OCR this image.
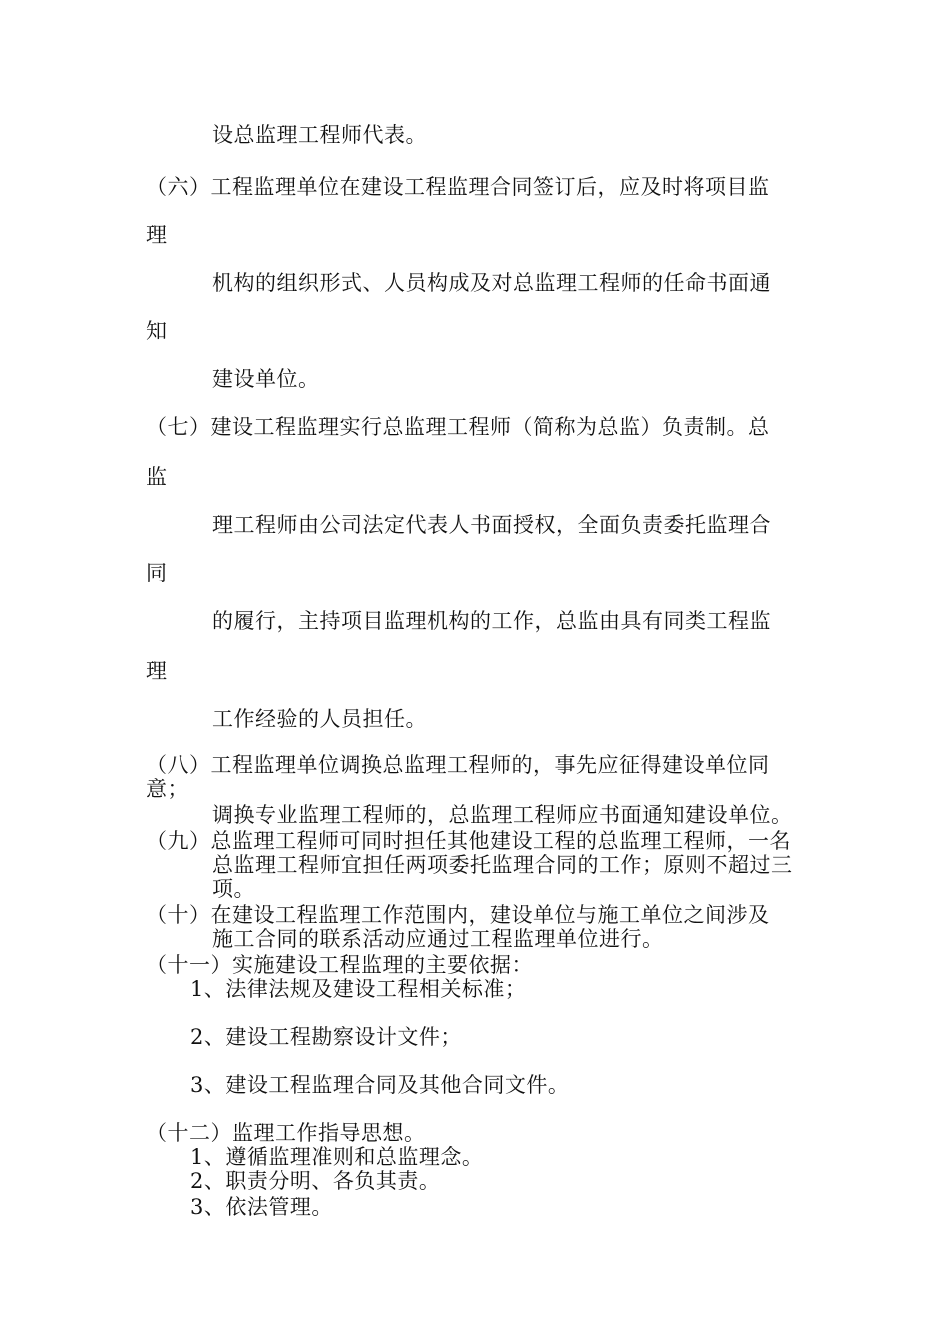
设总监理工程师代表。
（六）工程监理单位在建设工程监理合同签订后，应及时将项目监
理
机构的组织形式、人员构成及对总监理工程师的任命书面通
知
建设单位。
（七）建设工程监理实行总监理工程师（简称为总监）负责制。总
监
理工程师由公司法定代表人书面授权，全面负责委托监理合
同
的履行，主持项目监理机构的工作，总监由具有同类工程监
理
工作经验的人员担任。
（八）工程监理单位调换总监理工程师的，事先应征得建设单位同
意；
调换专业监理工程师的，总监理工程师应书面通知建设单位。
（九）总监理工程师可同时担任其他建设工程的总监理工程师，一名
总监理工程师宜担任两项委托监理合同的工作；原则不超过三
项。
（十）在建设工程监理工作范围内，建设单位与施工单位之间涉及
施工合同的联系活动应通过工程监理单位进行。
（十一）实施建设工程监理的主要依据：
1、法律法规及建设工程相关标准；
2、建设工程勘察设计文件；
3、建设工程监理合同及其他合同文件。
（十二）监理工作指导思想。
1、遵循监理准则和总监理念。
2、职责分明、各负其责。
3、依法管理。
